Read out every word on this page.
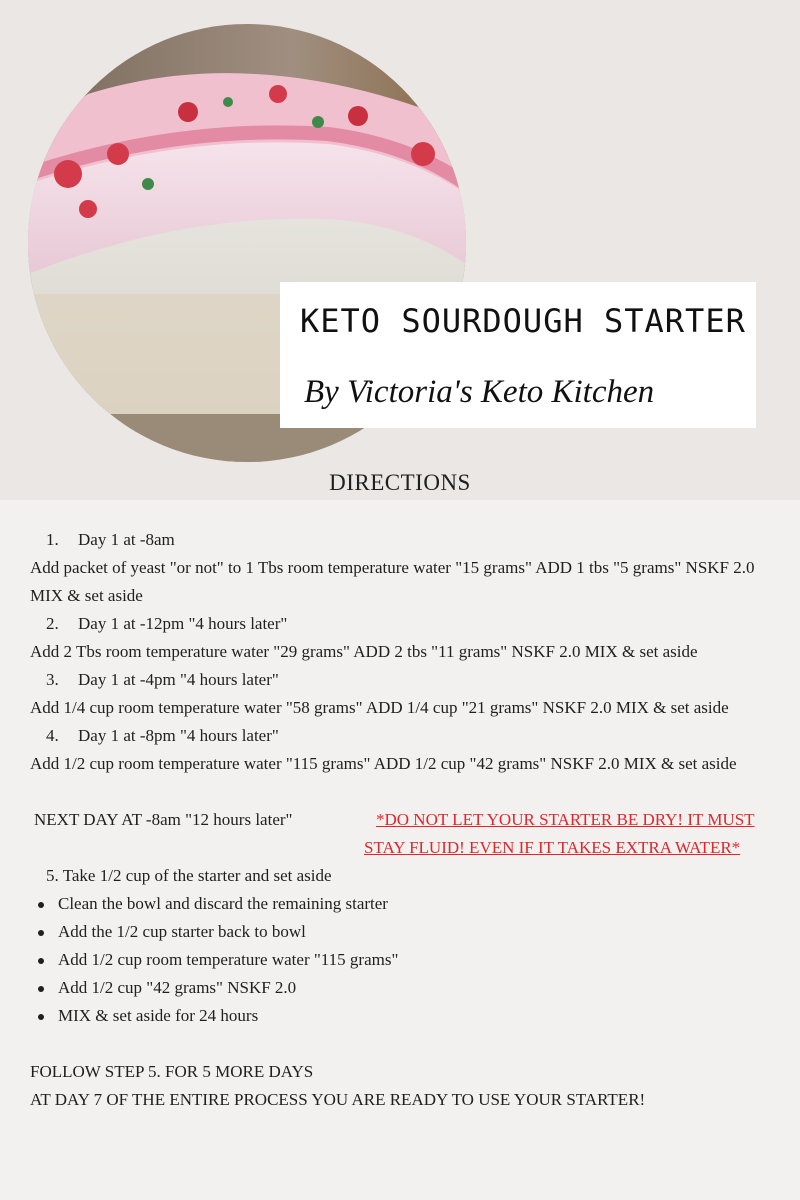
KETO SOURDOUGH STARTER
By Victoria's Keto Kitchen
DIRECTIONS
1. Day 1 at -8am
Add packet of yeast "or not" to 1 Tbs room temperature water "15 grams" ADD 1 tbs "5 grams" NSKF 2.0 MIX & set aside
2. Day 1 at -12pm "4 hours later"
Add 2 Tbs room temperature water "29 grams" ADD 2 tbs "11 grams" NSKF 2.0 MIX & set aside
3. Day 1 at -4pm "4 hours later"
Add 1/4 cup room temperature water "58 grams" ADD 1/4 cup "21 grams" NSKF 2.0 MIX & set aside
4. Day 1 at -8pm "4 hours later"
Add 1/2 cup room temperature water "115 grams" ADD 1/2 cup "42 grams" NSKF 2.0 MIX & set aside
NEXT DAY AT -8am "12 hours later"	*DO NOT LET YOUR STARTER BE DRY! IT MUST
STAY FLUID! EVEN IF IT TAKES EXTRA WATER*
5. Take 1/2 cup of the starter and set aside
Clean the bowl and discard the remaining starter
Add the 1/2 cup starter back to bowl
Add 1/2 cup room temperature water "115 grams"
Add 1/2 cup "42 grams" NSKF 2.0
MIX & set aside for 24 hours
FOLLOW STEP 5. FOR 5 MORE DAYS
AT DAY 7 OF THE ENTIRE PROCESS YOU ARE READY TO USE YOUR STARTER!
